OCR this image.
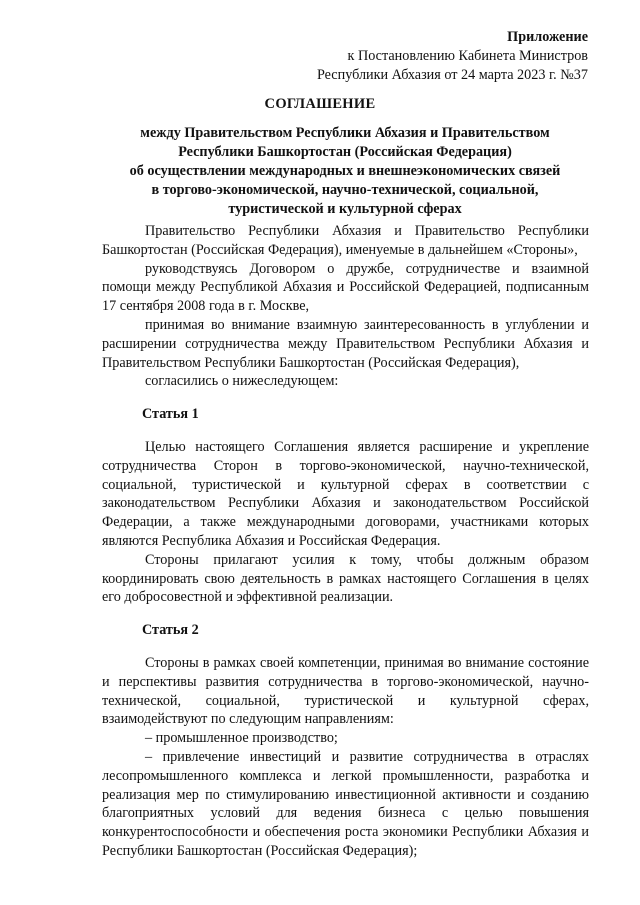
Приложение
к Постановлению Кабинета Министров
Республики Абхазия от 24 марта 2023 г. №37
СОГЛАШЕНИЕ
между Правительством Республики Абхазия и Правительством
Республики Башкортостан (Российская Федерация)
об осуществлении международных и внешнеэкономических связей
в торгово-экономической, научно-технической, социальной,
туристической и культурной сферах

Правительство Республики Абхазия и Правительство Республики Башкортостан (Российская Федерация), именуемые в дальнейшем «Стороны»,

руководствуясь Договором о дружбе, сотрудничестве и взаимной помощи между Республикой Абхазия и Российской Федерацией, подписанным 17 сентября 2008 года в г. Москве,

принимая во внимание взаимную заинтересованность в углублении и расширении сотрудничества между Правительством Республики Абхазия и Правительством Республики Башкортостан (Российская Федерация),

согласились о нижеследующем:

Статья 1

Целью настоящего Соглашения является расширение и укрепление сотрудничества Сторон в торгово-экономической, научно-технической, социальной, туристической и культурной сферах в соответствии с законодательством Республики Абхазия и законодательством Российской Федерации, а также международными договорами, участниками которых являются Республика Абхазия и Российская Федерация.

Стороны прилагают усилия к тому, чтобы должным образом координировать свою деятельность в рамках настоящего Соглашения в целях его добросовестной и эффективной реализации.

Статья 2

Стороны в рамках своей компетенции, принимая во внимание состояние и перспективы развития сотрудничества в торгово-экономической, научно-технической, социальной, туристической и культурной сферах, взаимодействуют по следующим направлениям:

– промышленное производство;

– привлечение инвестиций и развитие сотрудничества в отраслях лесопромышленного комплекса и легкой промышленности, разработка и реализация мер по стимулированию инвестиционной активности и созданию благоприятных условий для ведения бизнеса с целью повышения конкурентоспособности и обеспечения роста экономики Республики Абхазия и Республики Башкортостан (Российская Федерация);
